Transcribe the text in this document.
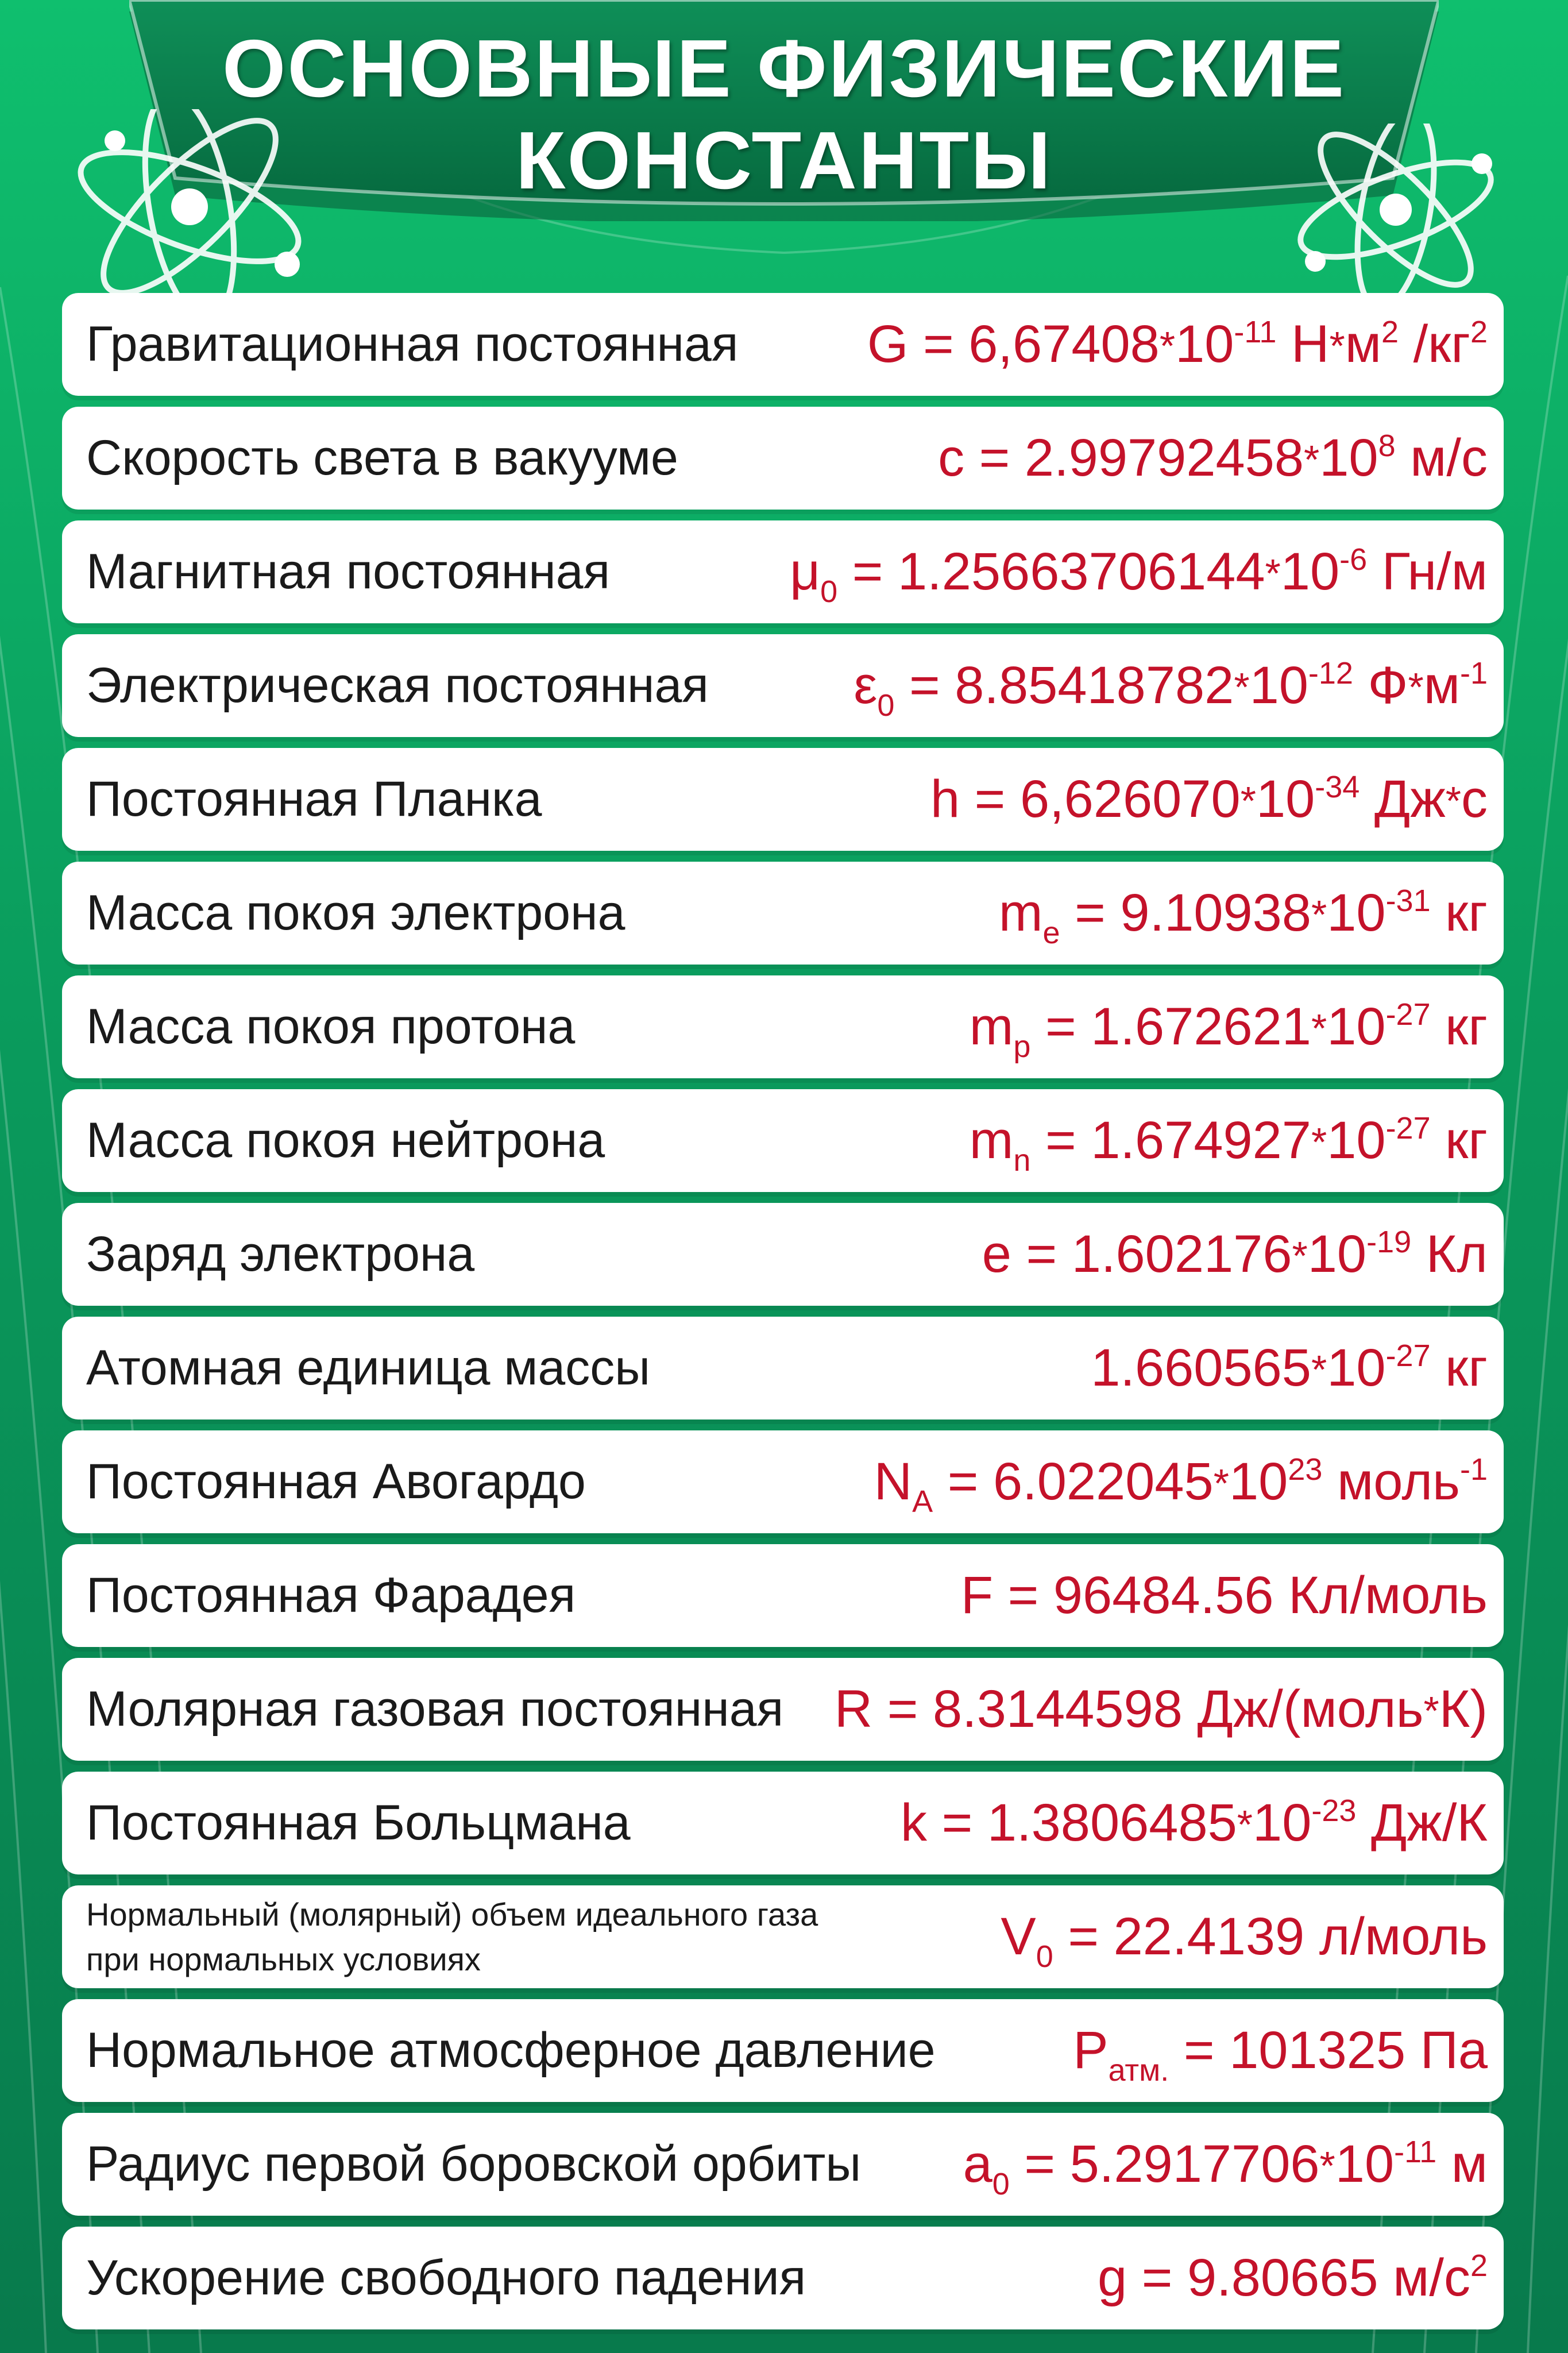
ОСНОВНЫЕ ФИЗИЧЕСКИЕ
КОНСТАНТЫ
Гравитационная постоянная $G = 6,67408*10^{-11}$ $Н*м^2$ $/кг^2$
Скорость света в вакууме	$c = 2.99792458*10^8$ м/с
Магнитная постоянная	$\mu_0 = 1.25663706144*10^{-6}$ Гн/м
Электрическая постоянная	$\varepsilon_0 = 8.85418782*10^{-12}$ $Ф*м^{-1}$
Постоянная Планка	$h = 6,626070*10^{-34}$ Дж*с
Масса покоя электрона	$m_e = 9.10938*10^{-31}$ кг
Масса покоя протона	$m_p = 1.672621*10^{-27}$ кг
Масса покоя нейтрона	$m_n = 1.674927*10^{-27}$ кг
Заряд электрона	$e = 1.602176*10^{-19}$ Кл
Атомная единица массы	$1.660565*10^{-27}$ кг
Постоянная Авогардо	$N_A = 6.022045*10^{23}$ моль$^{-1}$
Постоянная Фарадея	F = 96484.56 Кл/моль
Молярная газовая постоянная R = 8.3144598 Дж/(моль*К)
Постоянная Больцмана	$k = 1.3806485*10^{-23}$ Дж/К
Нормальный (молярный) объем идеального газа при нормальных условиях	$V_0 = 22.4139$ л/моль
Нормальное атмосферное давление	$P_{атм.} = 101325$ Па
Радиус первой боровской орбиты $a_0 = 5.2917706*10^{-11}$ м
Ускорение свободного падения	g = 9.80665 $м/с^2$
